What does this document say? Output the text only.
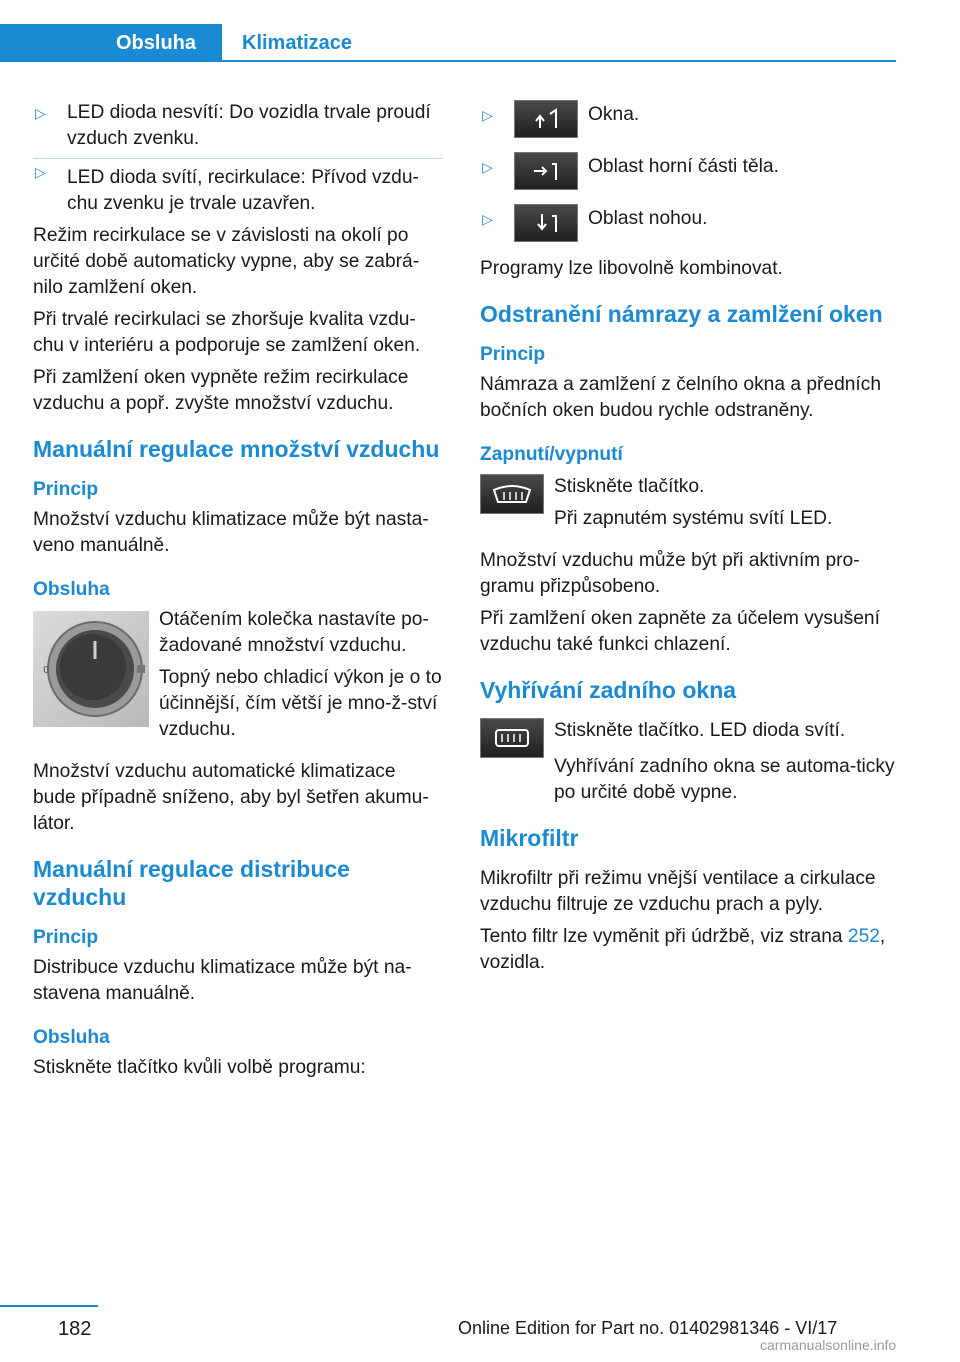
Obsluha Klimatizace
▷ LED dioda nesvítí: Do vozidla trvale proudí vzduch zvenku.
▷ LED dioda svítí, recirkulace: Přívod vzdu-chu zvenku je trvale uzavřen.

Režim recirkulace se v závislosti na okolí po určité době automaticky vypne, aby se zabrá-nilo zamlžení oken.

Při trvalé recirkulaci se zhoršuje kvalita vzdu-chu v interiéru a podporuje se zamlžení oken.

Při zamlžení oken vypněte režim recirkulace vzduchu a popř. zvyšte množství vzduchu.

Manuální regulace množství vzduchu
Princip

Množství vzduchu klimatizace může být nasta-veno manuálně.

Obsluha
0

Otáčením kolečka nastavíte po-žadované množství vzduchu.

Topný nebo chladicí výkon je o to účinnější, čím větší je mno-ž-ství vzduchu.

Množství vzduchu automatické klimatizace bude případně sníženo, aby byl šetřen akumu-látor.

Manuální regulace distribuce vzduchu
Princip

Distribuce vzduchu klimatizace může být na-stavena manuálně.

Obsluha

Stiskněte tlačítko kvůli volbě programu:

▷ Okna.
▷ Oblast horní části těla.
▷ Oblast nohou.

Programy lze libovolně kombinovat.

Odstranění námrazy a zamlžení oken
Princip

Námraza a zamlžení z čelního okna a předních bočních oken budou rychle odstraněny.

Zapnutí/vypnutí

Stiskněte tlačítko.

Při zapnutém systému svítí LED.

Množství vzduchu může být při aktivním pro-gramu přizpůsobeno.

Při zamlžení oken zapněte za účelem vysušení vzduchu také funkci chlazení.

Vyhřívání zadního okna

Stiskněte tlačítko. LED dioda svítí.

Vyhřívání zadního okna se automa-ticky po určité době vypne.

Mikrofiltr

Mikrofiltr při režimu vnější ventilace a cirkulace vzduchu filtruje ze vzduchu prach a pyly.

Tento filtr lze vyměnit při údržbě, viz strana 252, vozidla.

182	Online Edition for Part no. 01402981346 - VI/17
carmanualsonline.info
